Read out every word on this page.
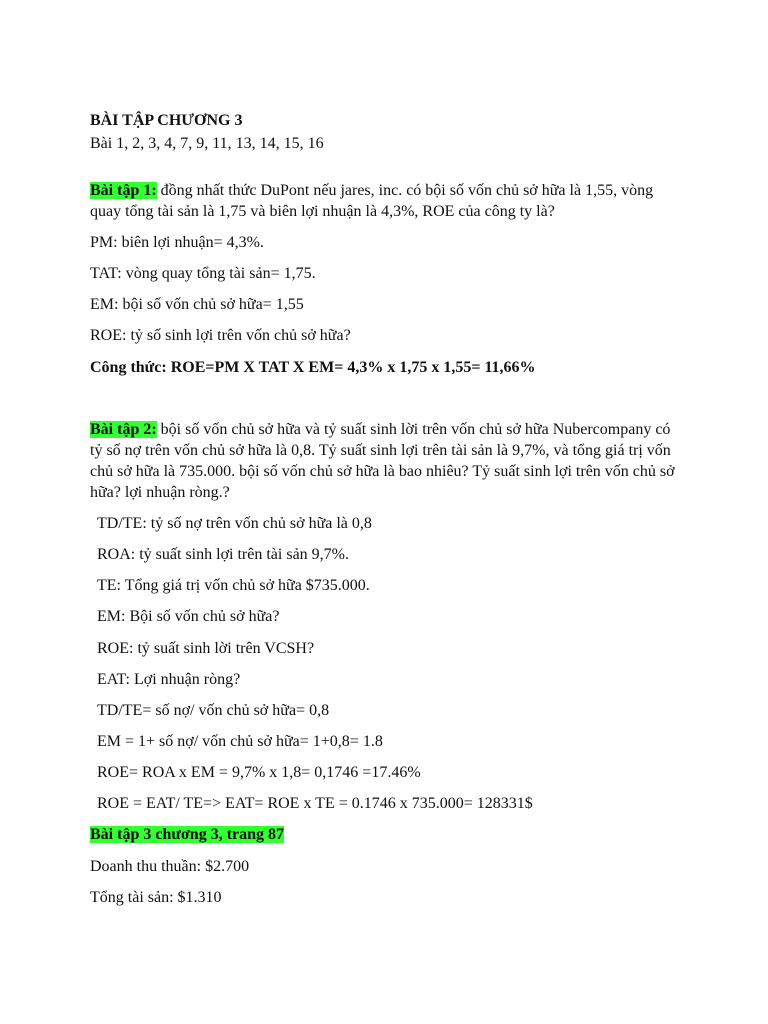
BÀI TẬP CHƯƠNG 3
Bài 1, 2, 3, 4, 7, 9, 11, 13, 14, 15, 16
Bài tập 1: đồng nhất thức DuPont nếu jares, inc. có bội số vốn chủ sở hữa là 1,55, vòng quay tổng tài sản là 1,75 và biên lợi nhuận là 4,3%, ROE của công ty là?
PM: biên lợi nhuận= 4,3%.
TAT: vòng quay tổng tài sản= 1,75.
EM: bội số vốn chủ sở hữa= 1,55
ROE: tỷ số sinh lợi trên vốn chủ sở hữa?
Công thức: ROE=PM X TAT X EM= 4,3% x 1,75 x 1,55= 11,66%
Bài tập 2: bội số vốn chủ sở hữa và tỷ suất sinh lời trên vốn chủ sở hữa Nubercompany có tỷ số nợ trên vốn chủ sở hữa là 0,8. Tỷ suất sinh lợi trên tài sản là 9,7%, và tổng giá trị vốn chủ sở hữa là 735.000. bội số vốn chủ sở hữa là bao nhiêu? Tỷ suất sinh lợi trên vốn chủ sở hữa? lợi nhuận ròng.?
TD/TE: tỷ số nợ trên vốn chủ sở hữa là 0,8
ROA: tỷ suất sinh lợi trên tài sản 9,7%.
TE: Tổng giá trị vốn chủ sở hữa $735.000.
EM: Bội số vốn chủ sở hữa?
ROE: tỷ suất sinh lời trên VCSH?
EAT: Lợi nhuận ròng?
TD/TE= số nợ/ vốn chủ sở hữa= 0,8
EM = 1+ số nợ/ vốn chủ sở hữa= 1+0,8= 1.8
ROE= ROA x EM = 9,7% x 1,8= 0,1746 =17.46%
ROE = EAT/ TE=> EAT= ROE x TE = 0.1746 x 735.000= 128331$
Bài tập 3 chương 3, trang 87
Doanh thu thuần: $2.700
Tổng tài sản: $1.310
